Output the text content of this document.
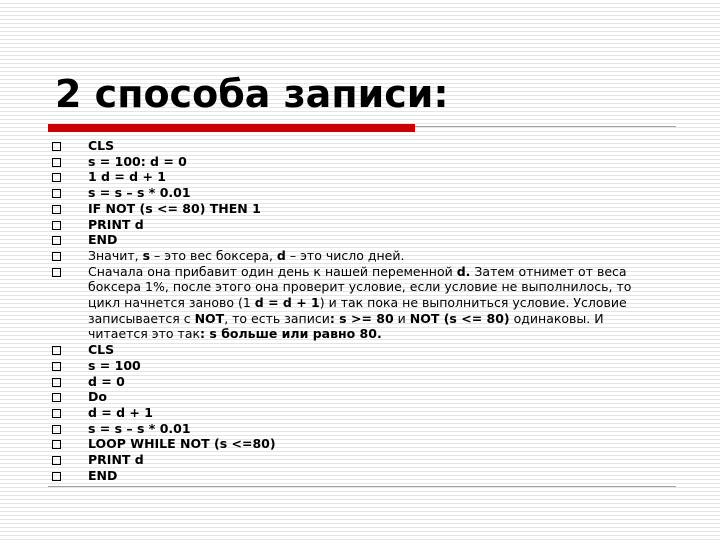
2 способа записи:
CLS
s = 100: d = 0
1 d = d + 1
s = s – s * 0.01
IF NOT (s <= 80) THEN 1
PRINT d
END
Значит, s – это вес боксера, d – это число дней.
Сначала она прибавит один день к нашей переменной d. Затем отнимет от веса боксера 1%, после этого она проверит условие, если условие не выполнилось, то цикл начнется заново (1 d = d + 1) и так пока не выполниться условие. Условие записывается с NOT, то есть записи: s >= 80 и NOT (s <= 80) одинаковы. И читается это так: s больше или равно 80.
CLS
s = 100
d = 0
Do
d = d + 1
s = s – s * 0.01
LOOP WHILE NOT (s <=80)
PRINT d
END
